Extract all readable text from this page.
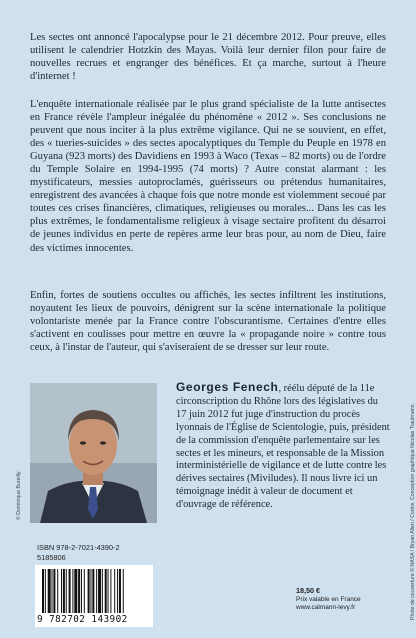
Les sectes ont annoncé l'apocalypse pour le 21 décembre 2012. Pour preuve, elles utilisent le calendrier Hotzkin des Mayas. Voilà leur dernier filon pour faire de nouvelles recrues et engranger des bénéfices. Et ça marche, surtout à l'heure d'internet !

L'enquête internationale réalisée par le plus grand spécialiste de la lutte antisectes en France révèle l'ampleur inégalée du phénomène « 2012 ». Ses conclusions ne peuvent que nous inciter à la plus extrême vigilance. Qui ne se souvient, en effet, des « tueries-suicides » des sectes apocalyptiques du Temple du Peuple en 1978 en Guyana (923 morts) des Davidiens en 1993 à Waco (Texas – 82 morts) ou de l'ordre du Temple Solaire en 1994-1995 (74 morts) ? Autre constat alarmant : les mystificateurs, messies autoproclamés, guérisseurs ou prétendus humanitaires, enregistrent des avancées à chaque fois que notre monde est violemment secoué par toutes ces crises financières, climatiques, religieuses ou morales... Dans les cas les plus extrêmes, le fondamentalisme religieux à visage sectaire profitent du désarroi de jeunes individus en perte de repères arme leur bras pour, au nom de Dieu, faire des victimes innocentes.

Enfin, fortes de soutiens occultes ou affichés, les sectes infiltrent les institutions, noyautent les lieux de pouvoirs, dénigrent sur la scène internationale la politique volontariste menée par la France contre l'obscurantisme. Certaines d'entre elles s'activent en coulisses pour mettre en œuvre la « propagande noire » contre tous ceux, à l'instar de l'auteur, qui s'aviseraient de se dresser sur leur route.

© Dominique Bureilly

Georges Fenech, réélu député de la 11e circonscription du Rhône lors des législatives du 17 juin 2012 fut juge d'instruction du procès lyonnais de l'Église de Scientologie, puis, président de la commission d'enquête parlementaire sur les sectes et les mineurs, et responsable de la Mission interministérielle de vigilance et de lutte contre les dérives sectaires (Miviludes). Il nous livre ici un témoignage inédit à valeur de document et d'ouvrage de référence.

ISBN 978-2-7021-4390-2
5185806
9 782702 143902
18,50 €
Prix valable en France
www.calmann-levy.fr	Photo de couverture © NASA / Bryan Allen / Corbis. Conception graphique Nicolas Trautmann.
